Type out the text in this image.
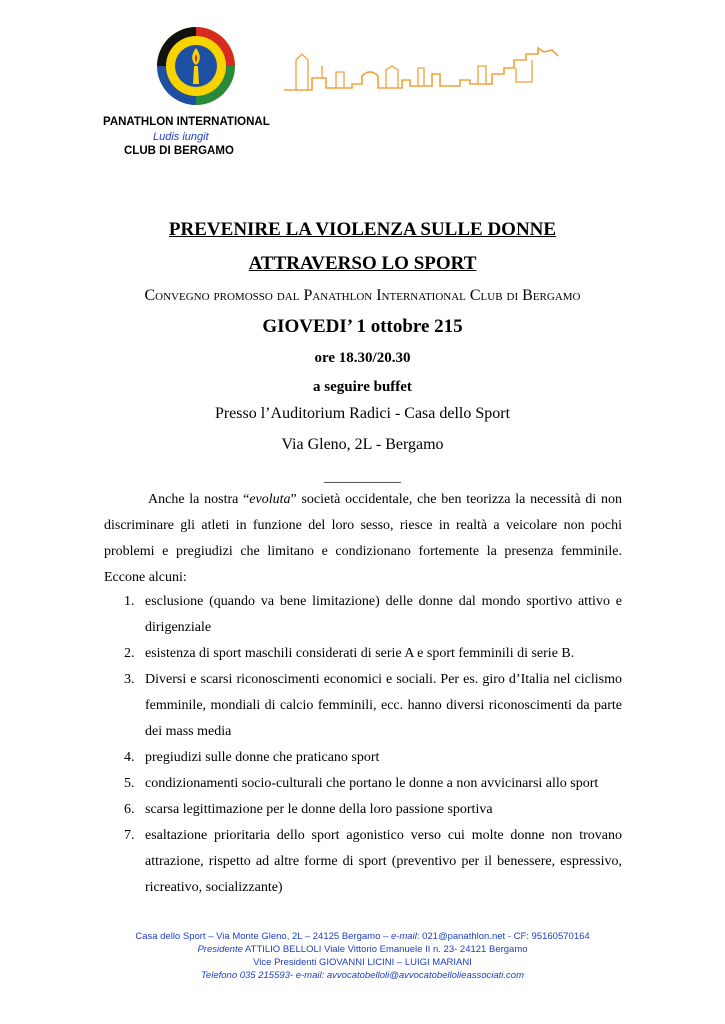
PANATHLON INTERNATIONAL
Ludis iungit
CLUB DI BERGAMO
PREVENIRE LA VIOLENZA SULLE DONNE
ATTRAVERSO LO SPORT
Convegno promosso dal Panathlon International Club di Bergamo
GIOVEDI’ 1 ottobre 215
ore 18.30/20.30
a seguire buffet
Presso l’Auditorium Radici - Casa dello Sport
Via Gleno, 2L - Bergamo
___________

Anche la nostra “evoluta” società occidentale, che ben teorizza la necessità di non discriminare gli atleti in funzione del loro sesso, riesce in realtà a veicolare non pochi problemi e pregiudizi che limitano e condizionano fortemente la presenza femminile. Eccone alcuni:

1. esclusione (quando va bene limitazione) delle donne dal mondo sportivo attivo e dirigenziale
2. esistenza di sport maschili considerati di serie A e sport femminili di serie B.
3. Diversi e scarsi riconoscimenti economici e sociali. Per es. giro d’Italia nel ciclismo femminile, mondiali di calcio femminili, ecc. hanno diversi riconoscimenti da parte dei mass media
4. pregiudizi sulle donne che praticano sport
5. condizionamenti socio-culturali che portano le donne a non avvicinarsi allo sport
6. scarsa legittimazione per le donne della loro passione sportiva
7. esaltazione prioritaria dello sport agonistico verso cui molte donne non trovano attrazione, rispetto ad altre forme di sport (preventivo per il benessere, espressivo, ricreativo, socializzante)
Casa dello Sport – Via Monte Gleno, 2L – 24125 Bergamo – e-mail: 021@panathlon.net - CF: 95160570164
Presidente ATTILIO BELLOLI Viale Vittorio Emanuele II n. 23- 24121 Bergamo
Vice Presidenti GIOVANNI LICINI – LUIGI MARIANI
Telefono 035 215593- e-mail: avvocatobelloli@avvocatobellolieassociati.com
